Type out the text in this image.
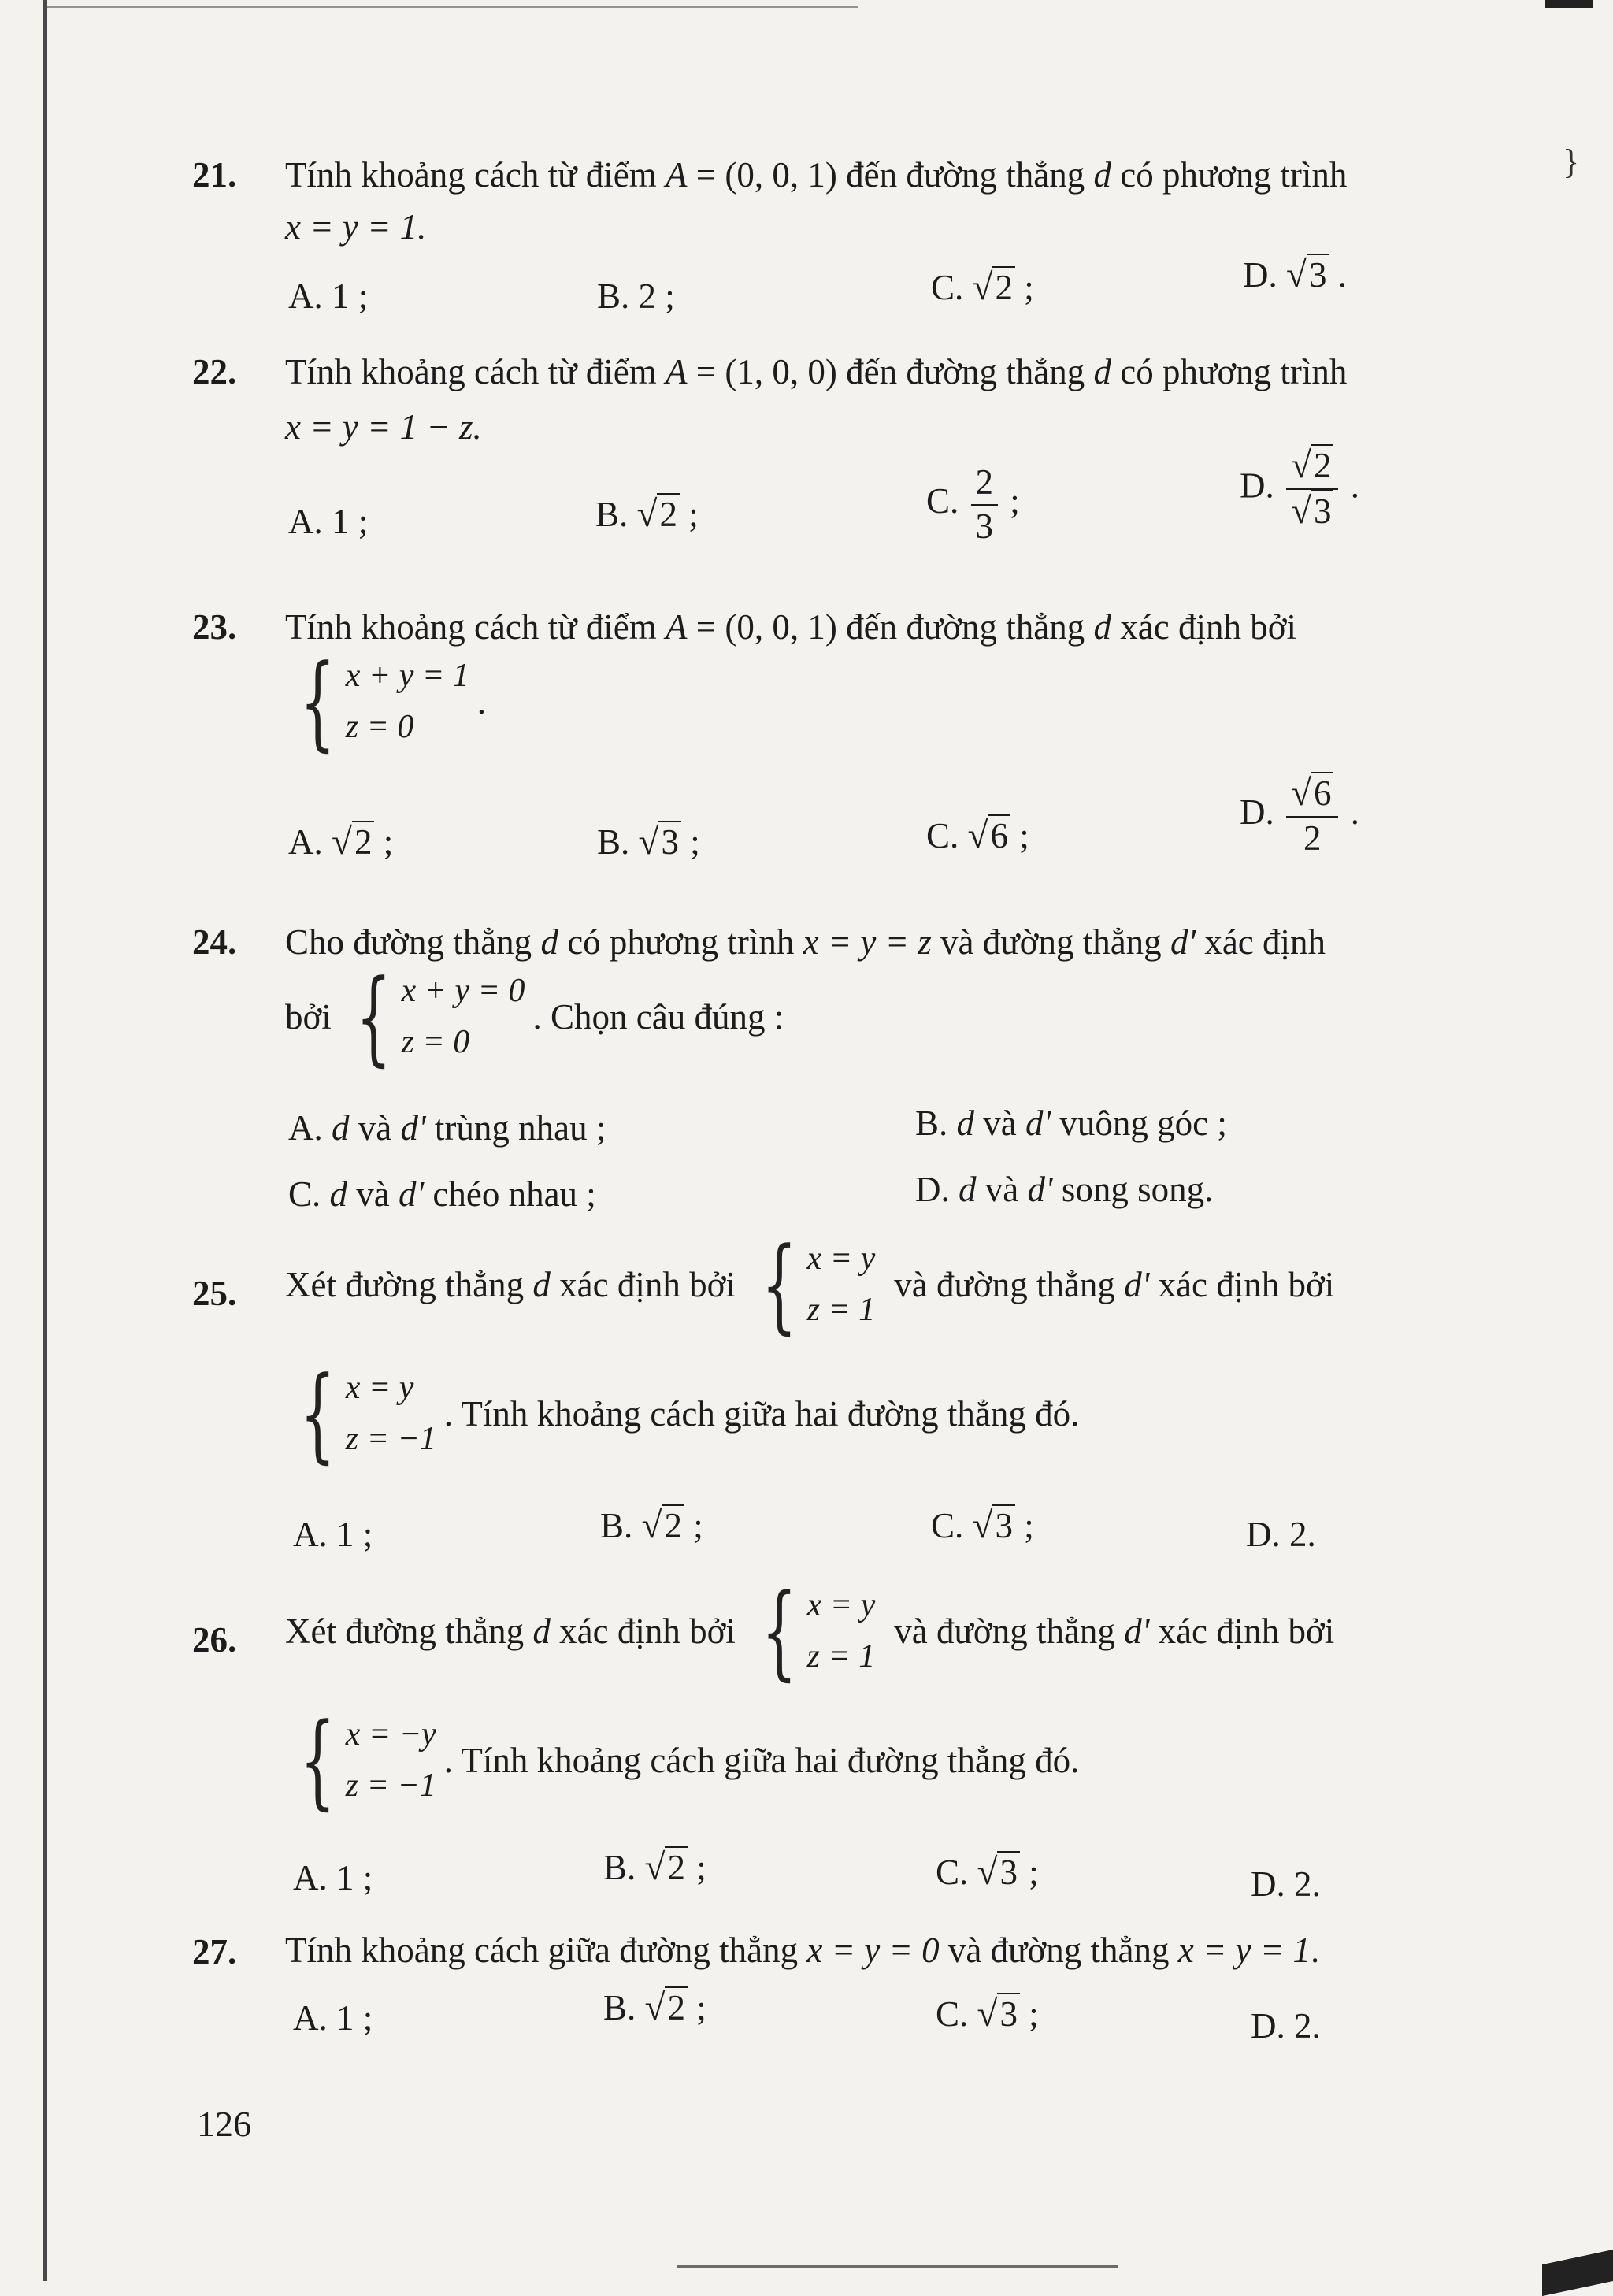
}
21. Tính khoảng cách từ điểm A = (0, 0, 1) đến đường thẳng d có phương trình
x = y = 1.
A. 1 ;	B. 2 ;	C. √2 ;	D. √3 .
22. Tính khoảng cách từ điểm A = (1, 0, 0) đến đường thẳng d có phương trình
x = y = 1 − z.
A. 1 ;	B. √2 ;	C. $\frac{2}{3}$ ;	D. $\frac{√2}{√3}$ .
23. Tính khoảng cách từ điểm A = (0, 0, 1) đến đường thẳng d xác định bởi
{ x + y = 1
z = 0
.
A. √2 ;	B. √3 ;	C. √6 ;
D. $\frac{√6}{2}$ .
24. Cho đường thẳng d có phương trình x = y = z và đường thẳng d' xác định
bởi { x + y = 0
z = 0
. Chọn câu đúng :
A. d và d' trùng nhau ;	B. d và d' vuông góc ;
C. d và d' chéo nhau ;	D. d và d' song song.
25. Xét đường thẳng
d
xác định bởi { x = y
z = 1
và đường thẳng
d'
xác định bởi
{ x = y
z = −1
. Tính khoảng cách giữa hai đường thẳng đó.
A. 1 ;	B. √2 ;	C. √3 ;	D. 2.
26. Xét đường thẳng
d
xác định bởi { x = y
z = 1
và đường thẳng
d'
xác định bởi
{ x = −y
z = −1
. Tính khoảng cách giữa hai đường thẳng đó.
A. 1 ;	B. √2 ;	C. √3 ;	D. 2.
27. Tính khoảng cách giữa đường thẳng x = y = 0 và đường thẳng x = y = 1.
A. 1 ;	B. √2 ;	C. √3 ;	D. 2.
126
